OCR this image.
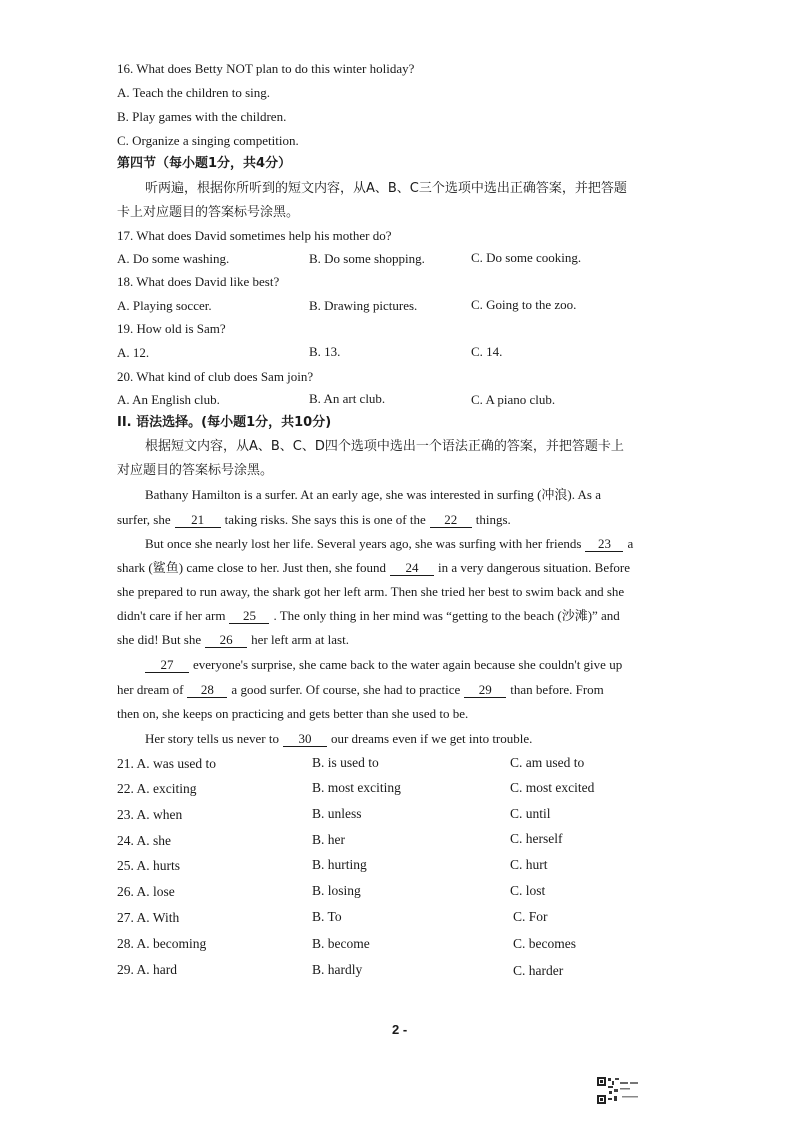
16. What does Betty NOT plan to do this winter holiday?
A. Teach the children to sing.
B. Play games with the children.
C. Organize a singing competition.
第四节（每小题1分，共4分）
听两遍，根据你所听到的短文内容，从A、B、C三个选项中选出正确答案，并把答题
卡上对应题目的答案标号涂黑。
17. What does David sometimes help his mother do?
A. Do some washing.	B. Do some shopping.	C. Do some cooking.
18. What does David like best?
A. Playing soccer.	B. Drawing pictures.	C. Going to the zoo.
19. How old is Sam?
A. 12.	B. 13.	C. 14.
20. What kind of club does Sam join?
A. An English club.	B. An art club.	C. A piano club.
II. 语法选择。(每小题1分，共10分)
根据短文内容，从A、B、C、D四个选项中选出一个语法正确的答案，并把答题卡上
对应题目的答案标号涂黑。
Bathany Hamilton is a surfer. At an early age, she was interested in surfing (冲浪). As a
surfer, she 21 taking risks. She says this is one of the 22 things.
But once she nearly lost her life. Several years ago, she was surfing with her friends 23 a
shark (鲨鱼) came close to her. Just then, she found 24 in a very dangerous situation. Before
she prepared to run away, the shark got her left arm. Then she tried her best to swim back and she
didn't care if her arm 25 . The only thing in her mind was “getting to the beach (沙滩)” and
she did! But she 26 her left arm at last.
27 everyone's surprise, she came back to the water again because she couldn't give up
her dream of 28 a good surfer. Of course, she had to practice 29 than before. From
then on, she keeps on practicing and gets better than she used to be.
Her story tells us never to 30 our dreams even if we get into trouble.
21. A. was used to	B. is used to	C. am used to
22. A. exciting	B. most exciting	C. most excited
23. A. when	B. unless	C. until
24. A. she	B. her	C. herself
25. A. hurts	B. hurting	C. hurt
26. A. lose	B. losing	C. lost
27. A. With	B. To	C. For
28. A. becoming	B. become	C. becomes
29. A. hard	B. hardly	C. harder
2 -
